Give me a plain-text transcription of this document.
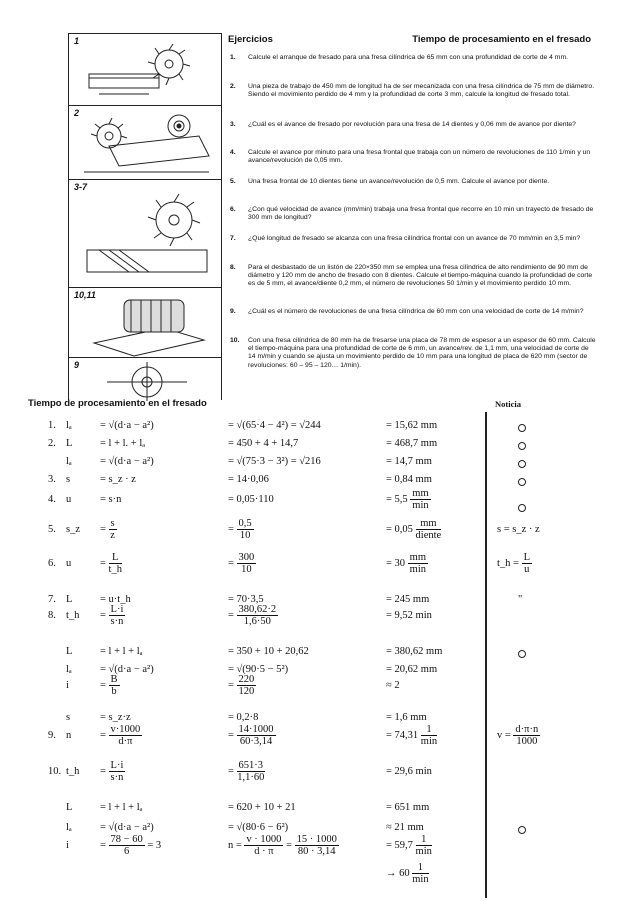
1
2
3-7
10,11
9
Ejercicios	Tiempo de procesamiento en el fresado
1.	Calcule el arranque de fresado para una fresa cilíndrica de 65 mm con una profundidad de corte de 4 mm.
2.	Una pieza de trabajo de 450 mm de longitud ha de ser mecanizada con una fresa cilíndrica de 75 mm de diámetro. Siendo el movimiento perdido de 4 mm y la profundidad de corte 3 mm, calcule la longitud de fresado total.
3.	¿Cuál es el avance de fresado por revolución para una fresa de 14 dientes y 0,06 mm de avance por diente?
4.	Calcule el avance por minuto para una fresa frontal que trabaja con un número de revoluciones de 110 1/min y un avance/revolución de 0,05 mm.
5.	Una fresa frontal de 10 dientes tiene un avance/revolución de 0,5 mm. Calcule el avance por diente.
6.	¿Con qué velocidad de avance (mm/min) trabaja una fresa frontal que recorre en 10 min un trayecto de fresado de 300 mm de longitud?
7.	¿Qué longitud de fresado se alcanza con una fresa cilíndrica frontal con un avance de 70 mm/min en 3,5 min?
8.	Para el desbastado de un listón de 220×350 mm se emplea una fresa cilíndrica de alto rendimiento de 90 mm de diámetro y 120 mm de ancho de fresado con 8 dientes. Calcule el tiempo-máquina cuando la profundidad de corte es de 5 mm, el avance/diente 0,2 mm, el número de revoluciones 50 1/min y el movimiento perdido 10 mm.
9.	¿Cuál es el número de revoluciones de una fresa cilíndrica de 60 mm con una velocidad de corte de 14 m/min?
10.	Con una fresa cilíndrica de 80 mm ha de fresarse una placa de 78 mm de espesor a un espesor de 60 mm. Calcule el tiempo-máquina para una profundidad de corte de 6 mm, un avance/rev. de 1,1 mm, una velocidad de corte de 14 m/min y cuando se ajusta un movimiento perdido de 10 mm para una longitud de placa de 620 mm (sector de revoluciones: 60 – 95 – 120… 1/min).
Tiempo de procesamiento en el fresado	Noticia
1. lₐ	= √(d·a − a²)	= √(65·4 − 4²) = √244	= 15,62 mm
2. L	= l + l. + lₐ	= 450 + 4 + 14,7	= 468,7 mm
lₐ	= √(d·a − a²)	= √(75·3 − 3²) = √216	= 14,7 mm
3. s	= s_z · z	= 14·0,06	= 0,84 mm
4. u	= s·n	= 0,05·110	= $5,5 \frac{mm}{\min}$
5. s_z = $\frac{s}{z}$	= $\frac{0,5}{10}$	= $0,05 \frac{mm}{\text{diente}}$	s = s_z · z
6. u	= $\frac{L}{t\_h}$	= $\frac{300}{10}$	= $30 \frac{mm}{\min}$	t_h = $\frac{L}{u}$
7. L	= u·t_h	= 70·3,5	= 245 mm	"
8. t_h = $\frac{L\cdot i}{s\cdot n}$	= $\frac{380,62\cdot 2}{1,6\cdot 50}$	= 9,52 min
L	= l + l + lₐ	= 350 + 10 + 20,62	= 380,62 mm
lₐ	= √(d·a − a²)	= √(90·5 − 5²)	= 20,62 mm
i	= $\frac{B}{b}$	= $\frac{220}{120}$	≈ 2
s	= s_z·z	= 0,2·8	= 1,6 mm
9. n	= $\frac{v\cdot 1000}{d\cdot\pi}$	= $\frac{14\cdot 1000}{60\cdot 3,14}$	= $74,31 \frac{1}{\min}$	$v = \frac{d\cdot\pi\cdot n}{1000}$
10. t_h = $\frac{L\cdot i}{s\cdot n}$	= $\frac{651\cdot 3}{1,1\cdot 60}$	= 29,6 min
L	= l + l + lₐ	= 620 + 10 + 21	= 651 mm
lₐ	= √(d·a − a²)	= √(80·6 − 6²)	≈ 21 mm
i	= $\frac{78 - 60}{6} = 3$	$n = \frac{v \cdot 1000}{d \cdot \pi} = \frac{15 \cdot 1000}{80 \cdot 3,14}$	= $59,7 \frac{1}{\min}$
→ $60 \frac{1}{\min}$
